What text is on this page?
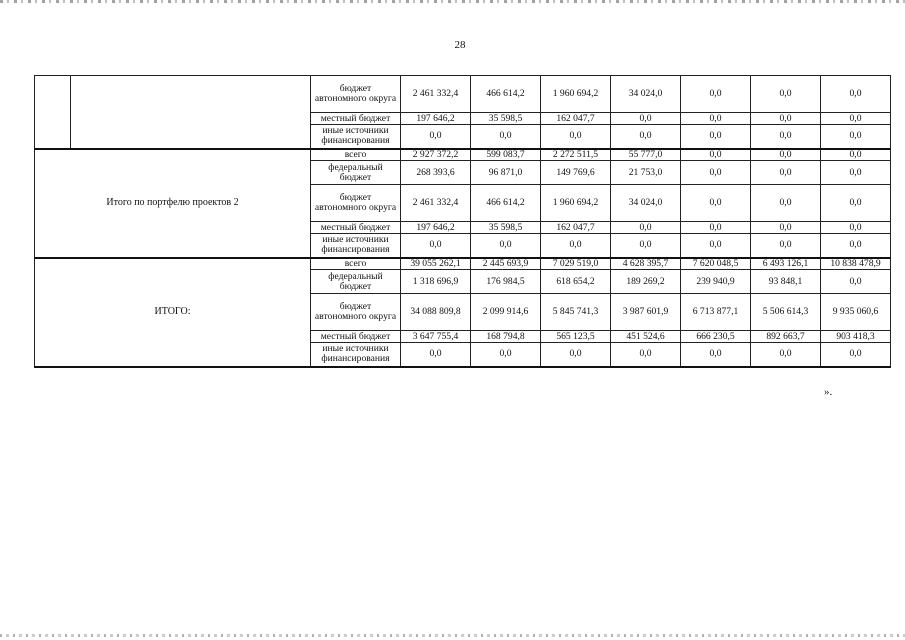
28
		бюджет автономного округа	2 461 332,4	466 614,2	1 960 694,2	34 024,0	0,0	0,0	0,0
		местный бюджет	197 646,2	35 598,5	162 047,7	0,0	0,0	0,0	0,0
		иные источники финансирования	0,0	0,0	0,0	0,0	0,0	0,0	0,0
Итого по портфелю проектов 2		всего	2 927 372,2	599 083,7	2 272 511,5	55 777,0	0,0	0,0	0,0
		федеральный бюджет	268 393,6	96 871,0	149 769,6	21 753,0	0,0	0,0	0,0
		бюджет автономного округа	2 461 332,4	466 614,2	1 960 694,2	34 024,0	0,0	0,0	0,0
		местный бюджет	197 646,2	35 598,5	162 047,7	0,0	0,0	0,0	0,0
		иные источники финансирования	0,0	0,0	0,0	0,0	0,0	0,0	0,0
ИТОГО:		всего	39 055 262,1	2 445 693,9	7 029 519,0	4 628 395,7	7 620 048,5	6 493 126,1	10 838 478,9
		федеральный бюджет	1 318 696,9	176 984,5	618 654,2	189 269,2	239 940,9	93 848,1	0,0
		бюджет автономного округа	34 088 809,8	2 099 914,6	5 845 741,3	3 987 601,9	6 713 877,1	5 506 614,3	9 935 060,6
		местный бюджет	3 647 755,4	168 794,8	565 123,5	451 524,6	666 230,5	892 663,7	903 418,3
		иные источники финансирования	0,0	0,0	0,0	0,0	0,0	0,0	0,0
».
